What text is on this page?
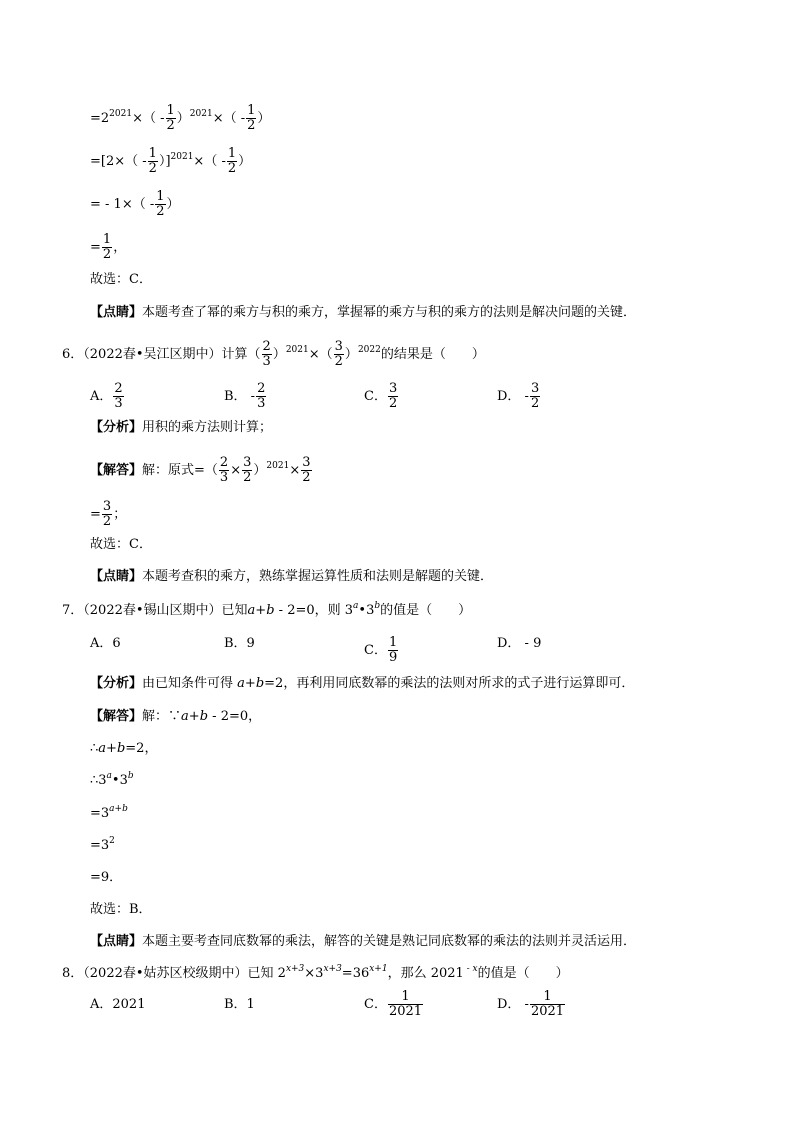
$=2^{2021}\times( - \frac{1}{2} )^{2021}\times( - \frac{1}{2}$ ）
$=[2\times( - \frac{1}{2} )]^{2021}\times( - \frac{1}{2}$ ）
= - $1\times( - \frac{1}{2}$ ）
= $\frac{1}{2}$ ，
故选：C．
【点睛】本题考查了幂的乘方与积的乘方，掌握幂的乘方与积的乘方的法则是解决问题的关键．
6．（2022春•吴江区期中）计算（ $\frac{2}{3} )^{2021}\times( \frac{3}{2} )^{2022}$的结果是（　　）
A． $\frac{2}{3}$	B． - $\frac{2}{3}$	C． $\frac{3}{2}$	D． - $\frac{3}{2}$
【分析】用积的乘方法则计算；
【解答】解：原式=（ $\frac{2}{3} \times \frac{3}{2} )^{2021}\times \frac{3}{2}$
= $\frac{3}{2}$ ；
故选：C．
【点睛】本题考查积的乘方，熟练掌握运算性质和法则是解题的关键．
7．（2022春•锡山区期中）已知a+b - 2=0，则 3$^a$•3$^b$的值是（　　）
A．6	B．9	C． $\frac{1}{9}$	D． - 9
【分析】由已知条件可得 a+b=2，再利用同底数幂的乘法的法则对所求的式子进行运算即可．
【解答】解：∵a+b - 2=0，
∴a+b=2，
$\therefore 3^a•3^b$
$=3^{a+b}$
$=3^2$
=9．
故选：B．
【点睛】本题主要考查同底数幂的乘法，解答的关键是熟记同底数幂的乘法的法则并灵活运用．
8．（2022春•姑苏区校级期中）已知 $2^{x+3}\times 3^{x+3}=36^{x+1}$，那么 2021 $^{- x}$的值是（　　）
A．2021	B．1	C． $\frac{1}{2021}$	D． - $\frac{1}{2021}$
